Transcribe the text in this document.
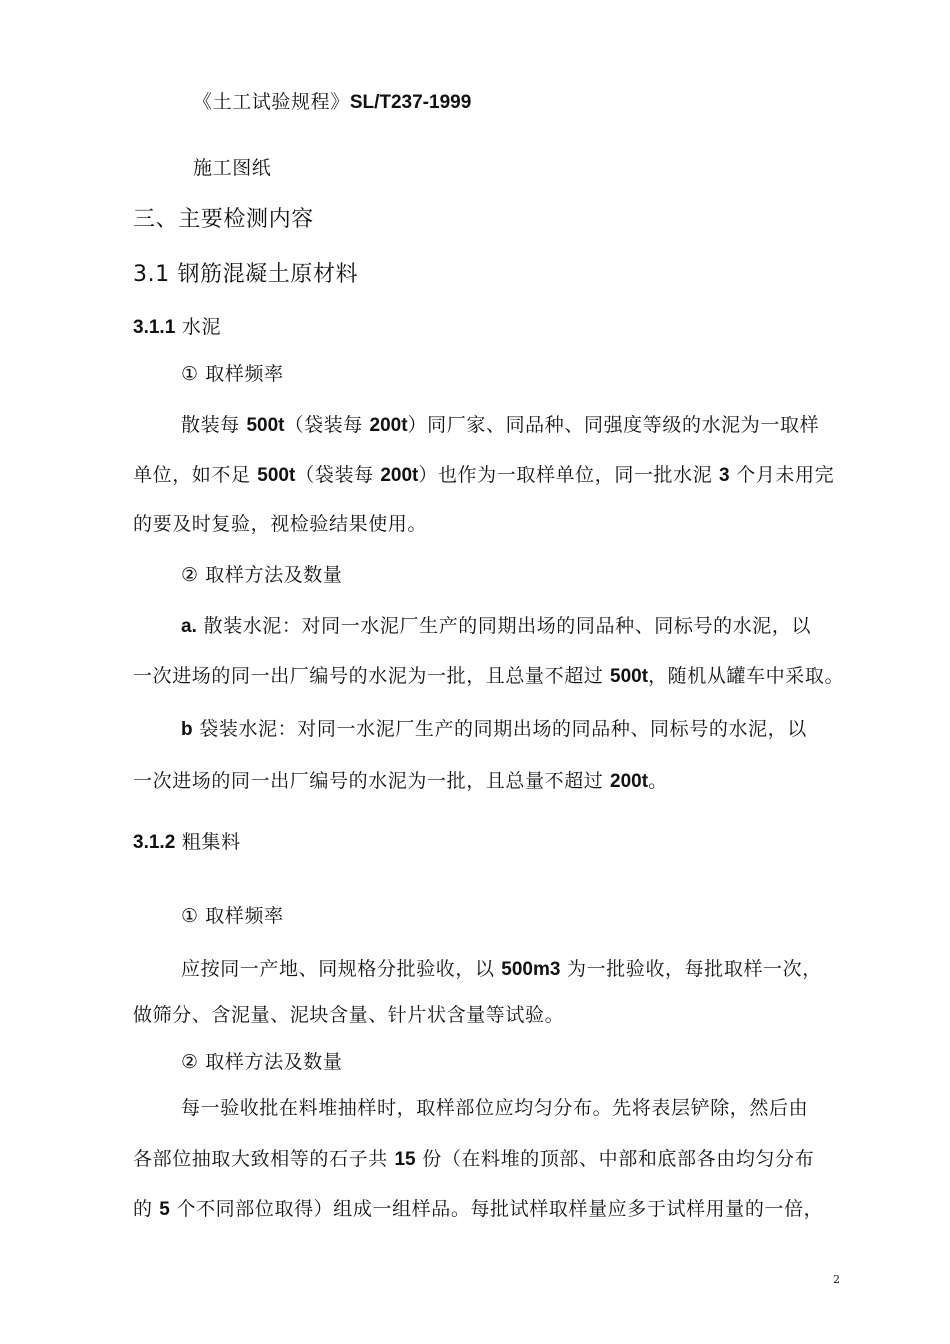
《土工试验规程》SL/T237-1999
施工图纸
三、主要检测内容
3.1 钢筋混凝土原材料
3.1.1 水泥
① 取样频率
散装每 500t（袋装每 200t）同厂家、同品种、同强度等级的水泥为一取样
单位，如不足 500t（袋装每 200t）也作为一取样单位，同一批水泥 3 个月未用完
的要及时复验，视检验结果使用。
② 取样方法及数量
a. 散装水泥：对同一水泥厂生产的同期出场的同品种、同标号的水泥，以
一次进场的同一出厂编号的水泥为一批，且总量不超过 500t，随机从罐车中采取。
b 袋装水泥：对同一水泥厂生产的同期出场的同品种、同标号的水泥，以
一次进场的同一出厂编号的水泥为一批，且总量不超过 200t。
3.1.2 粗集料
① 取样频率
应按同一产地、同规格分批验收，以 500m3 为一批验收，每批取样一次，
做筛分、含泥量、泥块含量、针片状含量等试验。
② 取样方法及数量
每一验收批在料堆抽样时，取样部位应均匀分布。先将表层铲除，然后由
各部位抽取大致相等的石子共 15 份（在料堆的顶部、中部和底部各由均匀分布
的 5 个不同部位取得）组成一组样品。每批试样取样量应多于试样用量的一倍，
2
